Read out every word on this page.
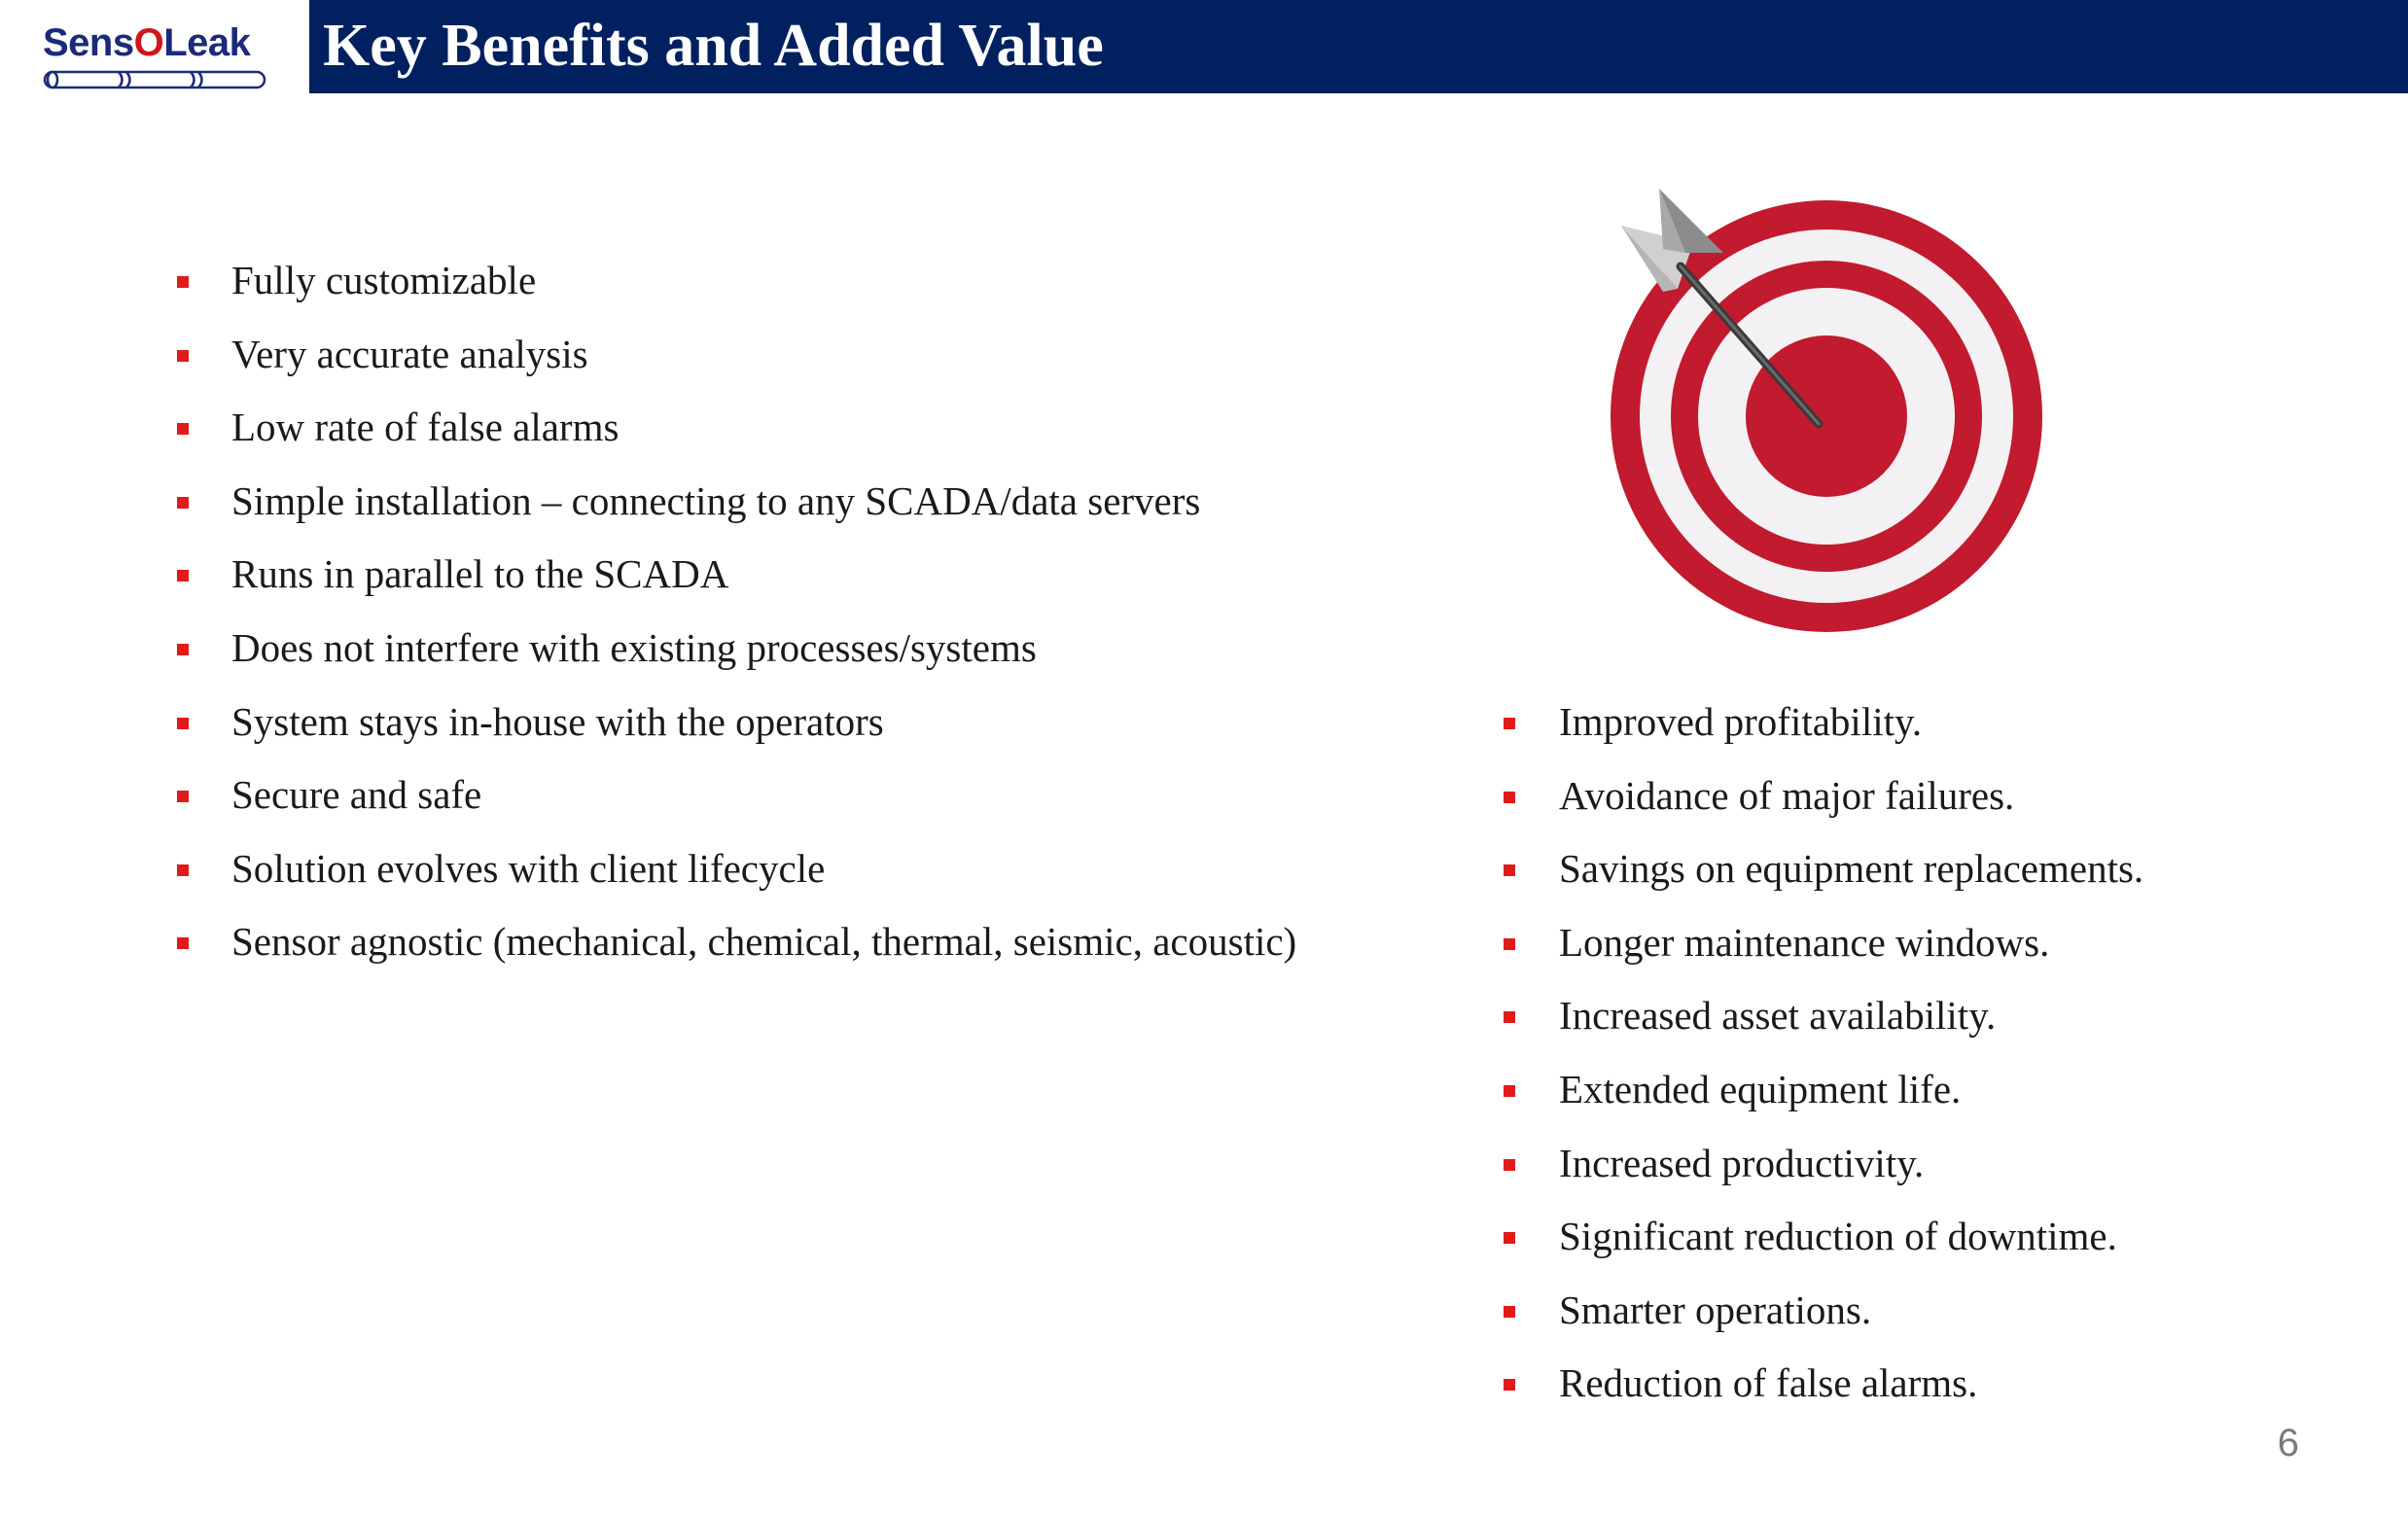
SensOLeak Key Benefits and Added Value
Fully customizable
Very accurate analysis
Low rate of false alarms
Simple installation – connecting to any SCADA/data servers
Runs in parallel to the SCADA
Does not interfere with existing processes/systems
System stays in-house with the operators
Secure and safe
Solution evolves with client lifecycle
Sensor agnostic (mechanical, chemical, thermal, seismic, acoustic)
Improved profitability.
Avoidance of major failures.
Savings on equipment replacements.
Longer maintenance windows.
Increased asset availability.
Extended equipment life.
Increased productivity.
Significant reduction of downtime.
Smarter operations.
Reduction of false alarms.
6
